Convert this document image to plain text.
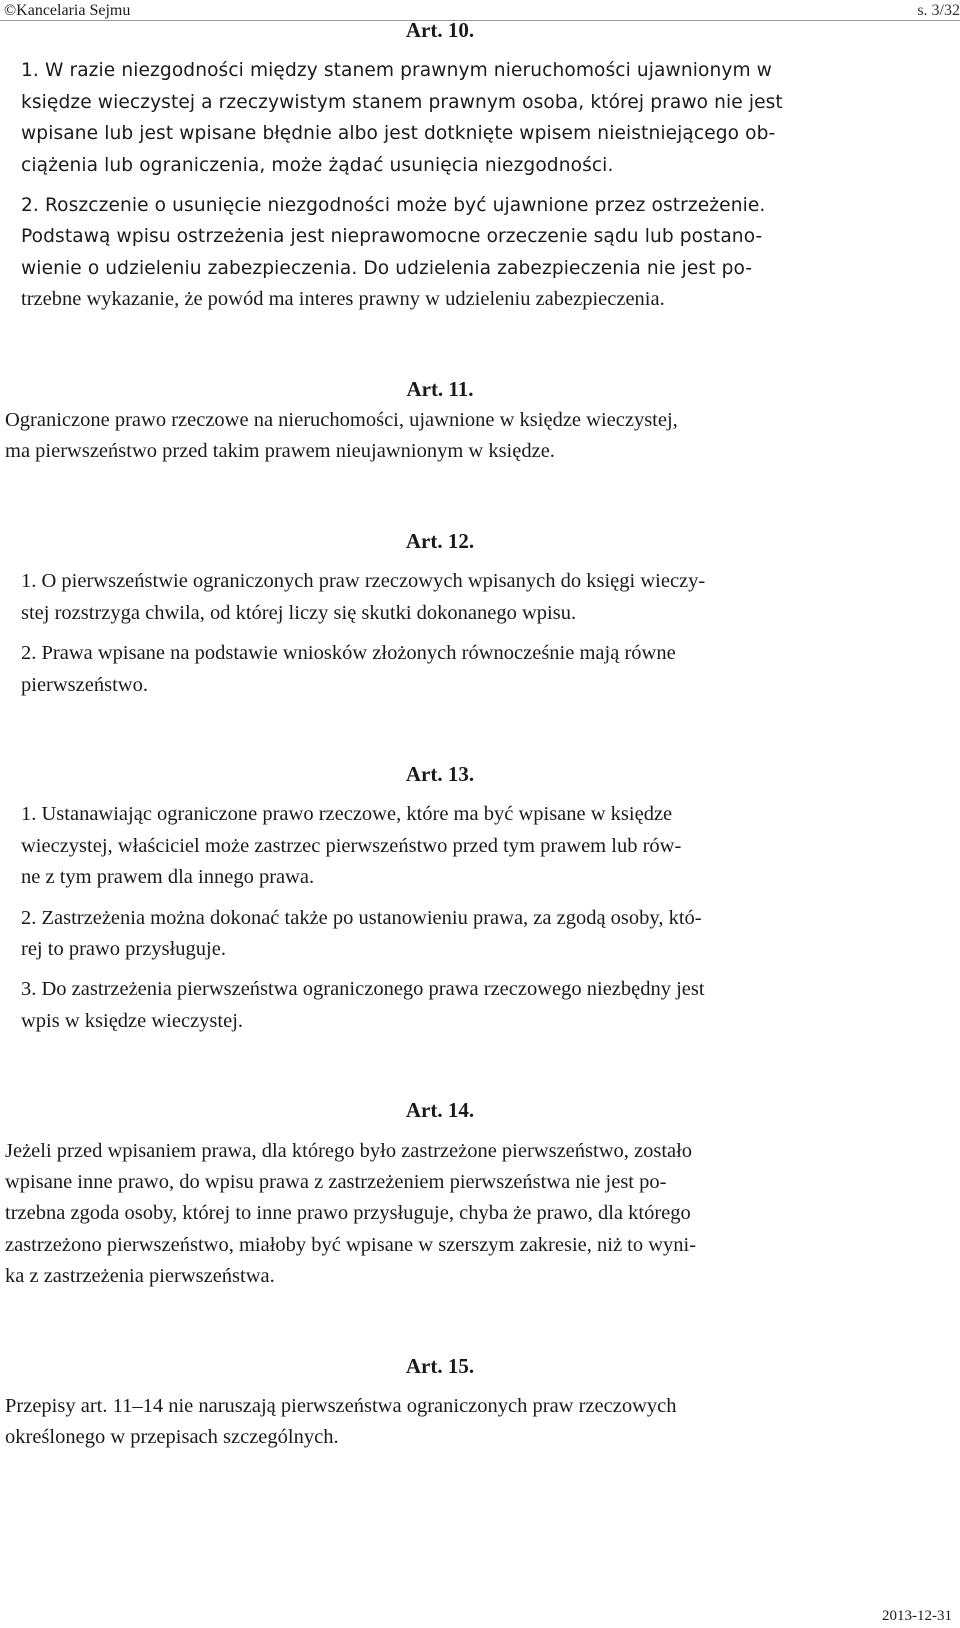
©Kancelaria Sejmu	s. 3/32
Art. 10.
1. W razie niezgodności między stanem prawnym nieruchomości ujawnionym w
księdze wieczystej a rzeczywistym stanem prawnym osoba, której prawo nie jest
wpisane lub jest wpisane błędnie albo jest dotknięte wpisem nieistniejącego ob-
ciążenia lub ograniczenia, może żądać usunięcia niezgodności.
2. Roszczenie o usunięcie niezgodności może być ujawnione przez ostrzeżenie.
Podstawą wpisu ostrzeżenia jest nieprawomocne orzeczenie sądu lub postano-
wienie o udzieleniu zabezpieczenia. Do udzielenia zabezpieczenia nie jest po-
trzebne wykazanie, że powód ma interes prawny w udzieleniu zabezpieczenia.
Art. 11.
Ograniczone prawo rzeczowe na nieruchomości, ujawnione w księdze wieczystej,
ma pierwszeństwo przed takim prawem nieujawnionym w księdze.
Art. 12.
1. O pierwszeństwie ograniczonych praw rzeczowych wpisanych do księgi wieczy-
stej rozstrzyga chwila, od której liczy się skutki dokonanego wpisu.
2. Prawa wpisane na podstawie wniosków złożonych równocześnie mają równe
pierwszeństwo.
Art. 13.
1. Ustanawiając ograniczone prawo rzeczowe, które ma być wpisane w księdze
wieczystej, właściciel może zastrzec pierwszeństwo przed tym prawem lub rów-
ne z tym prawem dla innego prawa.
2. Zastrzeżenia można dokonać także po ustanowieniu prawa, za zgodą osoby, któ-
rej to prawo przysługuje.
3. Do zastrzeżenia pierwszeństwa ograniczonego prawa rzeczowego niezbędny jest
wpis w księdze wieczystej.
Art. 14.
Jeżeli przed wpisaniem prawa, dla którego było zastrzeżone pierwszeństwo, zostało
wpisane inne prawo, do wpisu prawa z zastrzeżeniem pierwszeństwa nie jest po-
trzebna zgoda osoby, której to inne prawo przysługuje, chyba że prawo, dla którego
zastrzeżono pierwszeństwo, miałoby być wpisane w szerszym zakresie, niż to wyni-
ka z zastrzeżenia pierwszeństwa.
Art. 15.
Przepisy art. 11–14 nie naruszają pierwszeństwa ograniczonych praw rzeczowych
określonego w przepisach szczególnych.
2013-12-31
